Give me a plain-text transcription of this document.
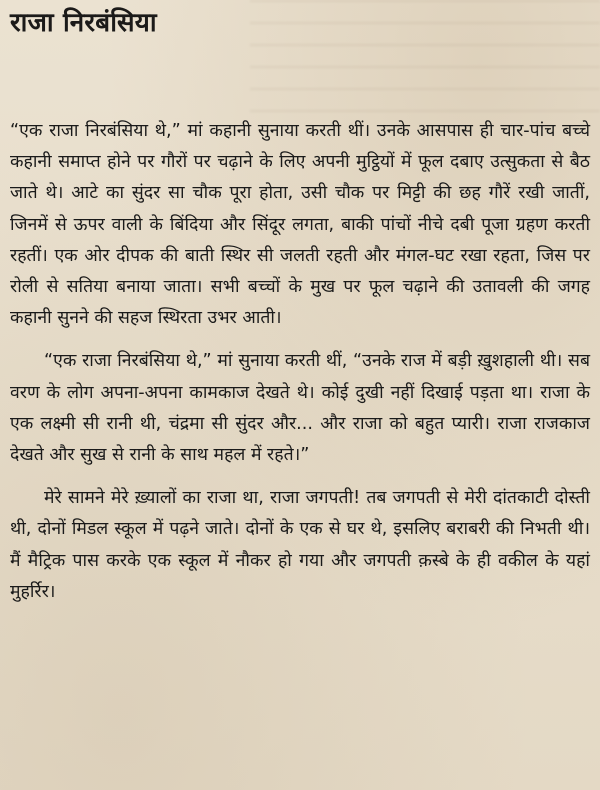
राजा निरबंसिया

“एक राजा निरबंसिया थे,” मां कहानी सुनाया करती थीं। उनके आसपास ही चार-पांच बच्चे कहानी समाप्त होने पर गौरों पर चढ़ाने के लिए अपनी मुट्ठियों में फूल दबाए उत्सुकता से बैठ जाते थे। आटे का सुंदर सा चौक पूरा होता, उसी चौक पर मिट्टी की छह गौरें रखी जातीं, जिनमें से ऊपर वाली के बिंदिया और सिंदूर लगता, बाकी पांचों नीचे दबी पूजा ग्रहण करती रहतीं। एक ओर दीपक की बाती स्थिर सी जलती रहती और मंगल-घट रखा रहता, जिस पर रोली से सतिया बनाया जाता। सभी बच्चों के मुख पर फूल चढ़ाने की उतावली की जगह कहानी सुनने की सहज स्थिरता उभर आती।

“एक राजा निरबंसिया थे,” मां सुनाया करती थीं, “उनके राज में बड़ी ख़ुशहाली थी। सब वरण के लोग अपना-अपना कामकाज देखते थे। कोई दुखी नहीं दिखाई पड़ता था। राजा के एक लक्ष्मी सी रानी थी, चंद्रमा सी सुंदर और... और राजा को बहुत प्यारी। राजा राजकाज देखते और सुख से रानी के साथ महल में रहते।”

मेरे सामने मेरे ख़्यालों का राजा था, राजा जगपती! तब जगपती से मेरी दांतकाटी दोस्ती थी, दोनों मिडल स्कूल में पढ़ने जाते। दोनों के एक से घर थे, इसलिए बराबरी की निभती थी। मैं मैट्रिक पास करके एक स्कूल में नौकर हो गया और जगपती क़स्बे के ही वकील के यहां मुहर्रिर।
